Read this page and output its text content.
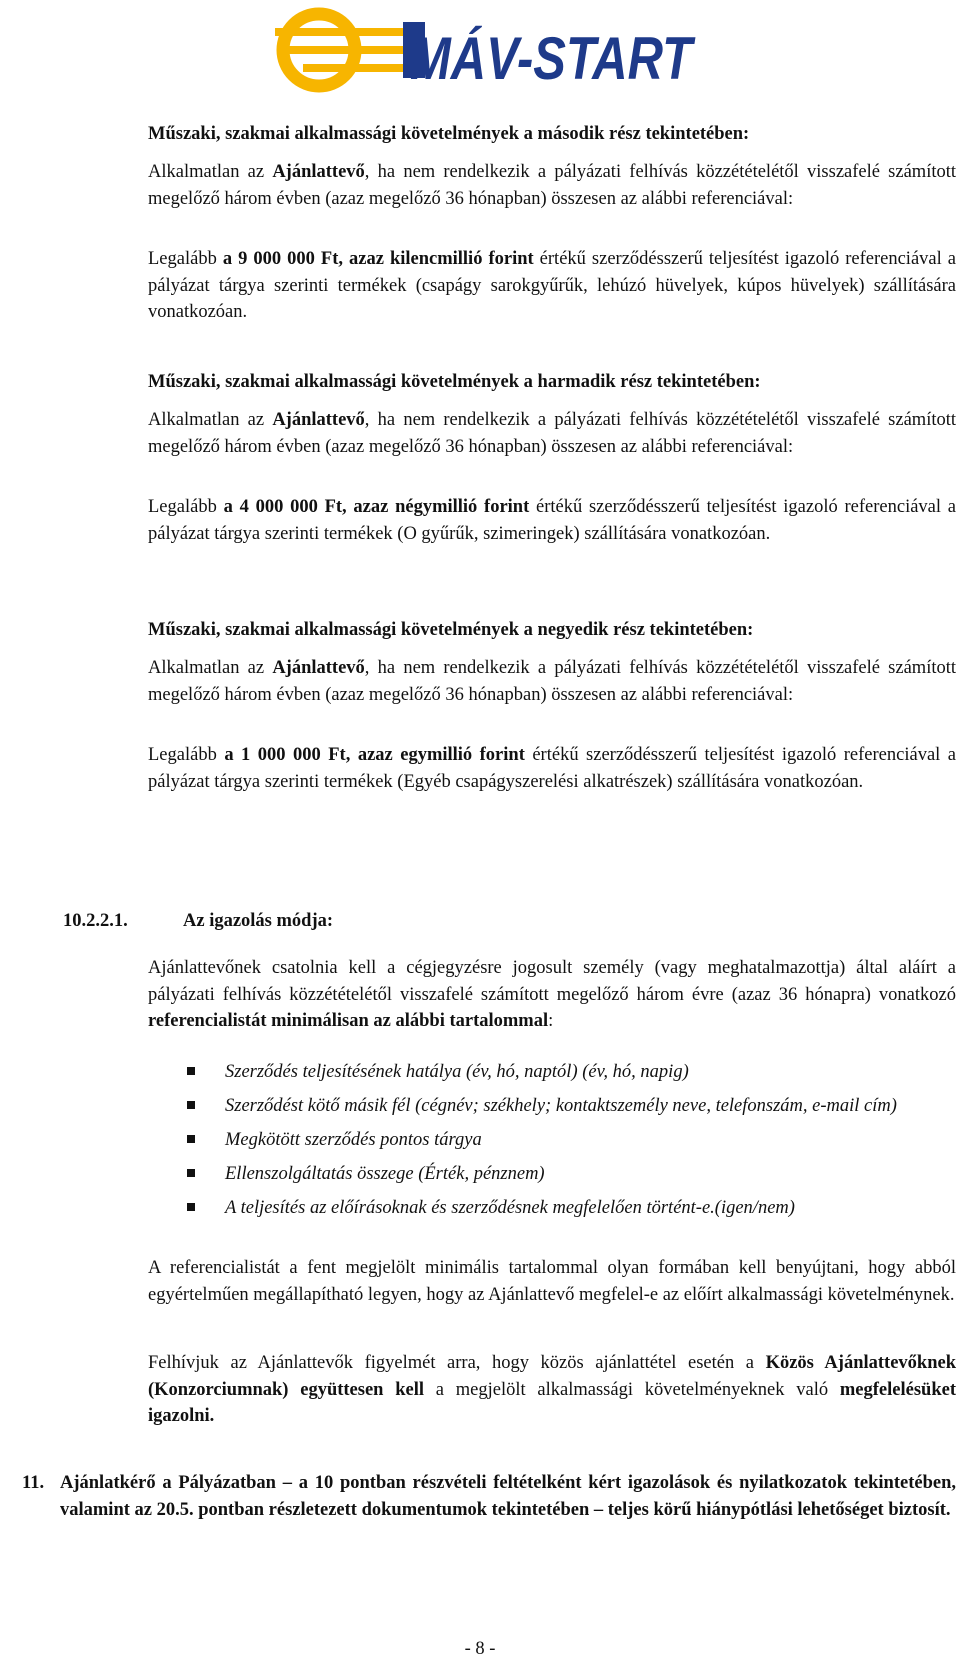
MÁV-START

Műszaki, szakmai alkalmassági követelmények a második rész tekintetében:

Alkalmatlan az Ajánlattevő, ha nem rendelkezik a pályázati felhívás közzétételétől visszafelé számított megelőző három évben (azaz megelőző 36 hónapban) összesen az alábbi referenciával:

Legalább a 9 000 000 Ft, azaz kilencmillió forint értékű szerződésszerű teljesítést igazoló referenciával a pályázat tárgya szerinti termékek (csapágy sarokgyűrűk, lehúzó hüvelyek, kúpos hüvelyek) szállítására vonatkozóan.

Műszaki, szakmai alkalmassági követelmények a harmadik rész tekintetében:

Alkalmatlan az Ajánlattevő, ha nem rendelkezik a pályázati felhívás közzétételétől visszafelé számított megelőző három évben (azaz megelőző 36 hónapban) összesen az alábbi referenciával:

Legalább a 4 000 000 Ft, azaz négymillió forint értékű szerződésszerű teljesítést igazoló referenciával a pályázat tárgya szerinti termékek (O gyűrűk, szimeringek) szállítására vonatkozóan.

Műszaki, szakmai alkalmassági követelmények a negyedik rész tekintetében:

Alkalmatlan az Ajánlattevő, ha nem rendelkezik a pályázati felhívás közzétételétől visszafelé számított megelőző három évben (azaz megelőző 36 hónapban) összesen az alábbi referenciával:

Legalább a 1 000 000 Ft, azaz egymillió forint értékű szerződésszerű teljesítést igazoló referenciával a pályázat tárgya szerinti termékek (Egyéb csapágyszerelési alkatrészek) szállítására vonatkozóan.

10.2.2.1.	Az igazolás módja:

Ajánlattevőnek csatolnia kell a cégjegyzésre jogosult személy (vagy meghatalmazottja) által aláírt a pályázati felhívás közzétételétől visszafelé számított megelőző három évre (azaz 36 hónapra) vonatkozó referencialistát minimálisan az alábbi tartalommal:

Szerződés teljesítésének hatálya (év, hó, naptól) (év, hó, napig)
Szerződést kötő másik fél (cégnév; székhely; kontaktszemély neve, telefonszám, e-mail cím)
Megkötött szerződés pontos tárgya
Ellenszolgáltatás összege (Érték, pénznem)
A teljesítés az előírásoknak és szerződésnek megfelelően történt-e.(igen/nem)

A referencialistát a fent megjelölt minimális tartalommal olyan formában kell benyújtani, hogy abból egyértelműen megállapítható legyen, hogy az Ajánlattevő megfelel-e az előírt alkalmassági követelménynek.

Felhívjuk az Ajánlattevők figyelmét arra, hogy közös ajánlattétel esetén a Közös Ajánlattevőknek (Konzorciumnak) együttesen kell a megjelölt alkalmassági követelményeknek való megfelelésüket igazolni.

11. Ajánlatkérő a Pályázatban – a 10 pontban részvételi feltételként kért igazolások és nyilatkozatok tekintetében, valamint az 20.5. pontban részletezett dokumentumok tekintetében – teljes körű hiánypótlási lehetőséget biztosít.

- 8 -
